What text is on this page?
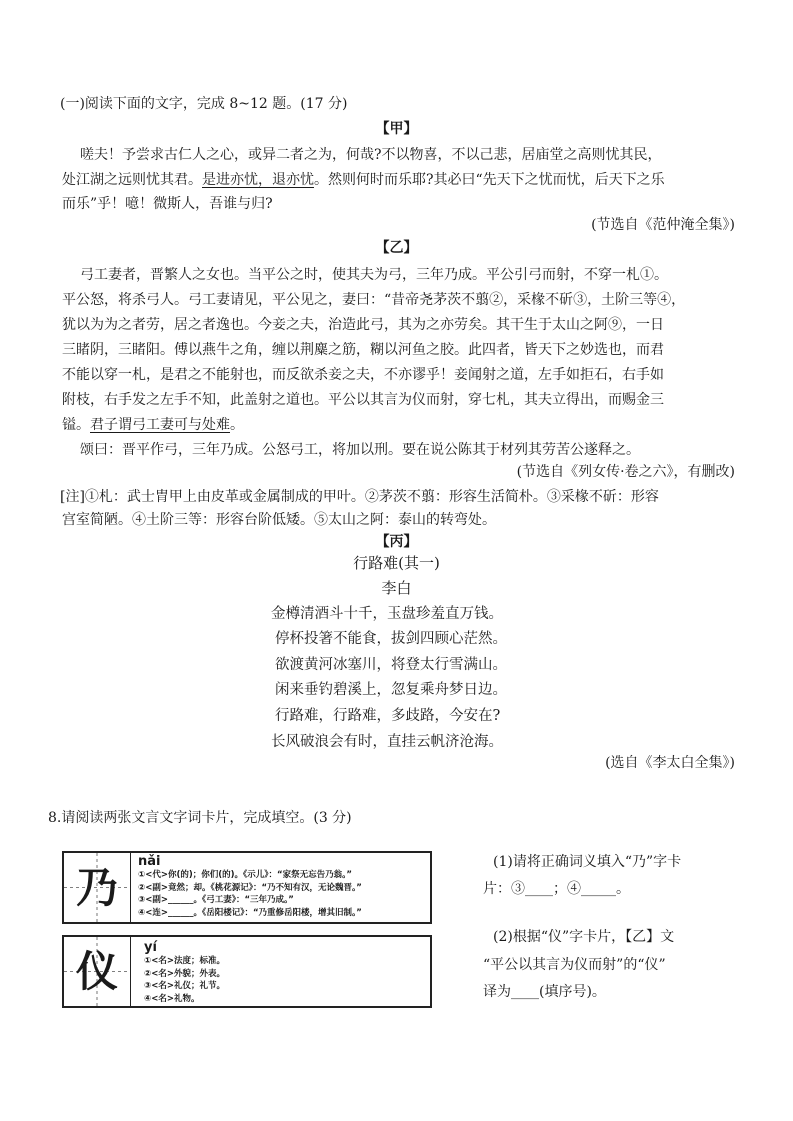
(一)阅读下面的文字，完成 8~12 题。(17 分)
【甲】
嗟夫！予尝求古仁人之心，或异二者之为，何哉?不以物喜，不以己悲，居庙堂之高则忧其民，
处江湖之远则忧其君。是进亦忧，退亦忧。然则何时而乐耶?其必曰“先天下之忧而忧，后天下之乐
而乐”乎！噫！微斯人，吾谁与归?
(节选自《范仲淹全集》)
【乙】
弓工妻者，晋繁人之女也。当平公之时，使其夫为弓，三年乃成。平公引弓而射，不穿一札①。
平公怒，将杀弓人。弓工妻请见，平公见之，妻曰：“昔帝尧茅茨不翦②，采椽不斫③，土阶三等④，
犹以为为之者劳，居之者逸也。今妾之夫，治造此弓，其为之亦劳矣。其干生于太山之阿⑨，一日
三睹阴，三睹阳。傅以燕牛之角，缠以荆麋之筋，糊以河鱼之胶。此四者，皆天下之妙选也，而君
不能以穿一札，是君之不能射也，而反欲杀妾之夫，不亦谬乎！妾闻射之道，左手如拒石，右手如
附枝，右手发之左手不知，此盖射之道也。平公以其言为仪而射，穿七札，其夫立得出，而赐金三
镒。君子谓弓工妻可与处难。
颂曰：晋平作弓，三年乃成。公怒弓工，将加以刑。要在说公陈其于材列其劳苦公遂释之。
(节选自《列女传·卷之六》，有删改)
[注]①札：武士胄甲上由皮革或金属制成的甲叶。②茅茨不翦：形容生活简朴。③采椽不斫：形容
宫室简陋。④土阶三等：形容台阶低矮。⑤太山之阿：泰山的转弯处。
【丙】
行路难(其一)
李白
金樽清酒斗十千，玉盘珍羞直万钱。
停杯投箸不能食，拔剑四顾心茫然。
欲渡黄河冰塞川，将登太行雪满山。
闲来垂钓碧溪上，忽复乘舟梦日边。
行路难，行路难，多歧路，今安在?
长风破浪会有时，直挂云帆济沧海。
(选自《李太白全集》)
8.请阅读两张文言文字词卡片，完成填空。(3 分)
乃
nǎi
①<代>你(的)；你们(的)。《示儿》：“家祭无忘告乃翁。”
②<副>竟然；却。《桃花源记》：“乃不知有汉，无论魏晋。”
③<副>______。《弓工妻》：“三年乃成。”
④<连>______。《岳阳楼记》：“乃重修岳阳楼，增其旧制。”
仪 yí
①<名>法度；标准。
②<名>外貌；外表。
③<名>礼仪；礼节。
④<名>礼物。
(1)请将正确词义填入“乃”字卡
片：③____；④_____。
(2)根据“仪”字卡片，【乙】文
“平公以其言为仪而射”的“仪”
译为____(填序号)。
